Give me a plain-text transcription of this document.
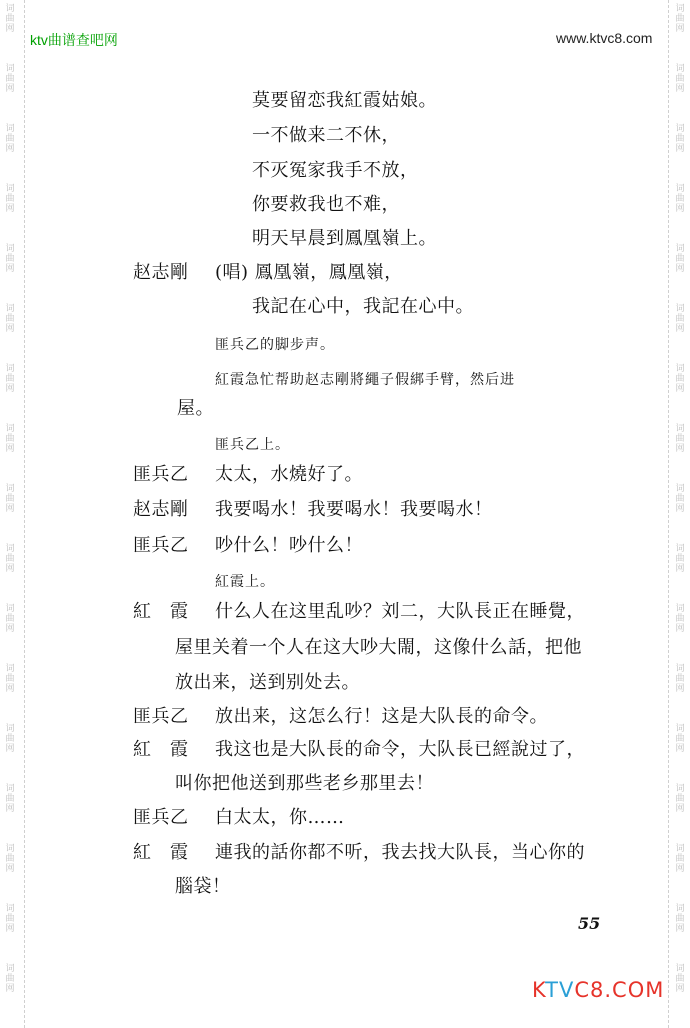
词
曲
网
词
曲
网
词
曲
网
词
曲
网
词
曲
网
词
曲
网
词
曲
网
词
曲
网
词
曲
网
词
曲
网
词
曲
网
词
曲
网
词
曲
网
词
曲
网
词
曲
网
词
曲
网
词
曲
网
词
曲
网
词
曲
网
词
曲
网
词
曲
网
词
曲
网
词
曲
网
词
曲
网
词
曲
网
词
曲
网
词
曲
网
词
曲
网
词
曲
网
词
曲
网
词
曲
网
词
曲
网
词
曲
网
词
曲
网
ktv曲谱查吧网	www.ktvc8.com
莫要留恋我紅霞姑娘。
一不做来二不休，
不灭冤家我手不放，
你要救我也不难，
明天早晨到鳳凰嶺上。
赵志剛 (唱) 鳳凰嶺，鳳凰嶺，
我記在心中，我記在心中。
匪兵乙的脚步声。
紅霞急忙帮助赵志剛將繩子假綁手臂，然后进
屋。
匪兵乙上。
匪兵乙 太太，水燒好了。
赵志剛 我要喝水！我要喝水！我要喝水！
匪兵乙 吵什么！吵什么！
紅霞上。
紅　霞 什么人在这里乱吵？刘二，大队長正在睡覺，
屋里关着一个人在这大吵大閙，这像什么話，把他
放出来，送到别处去。
匪兵乙 放出来，这怎么行！这是大队長的命令。
紅　霞 我这也是大队長的命令，大队長已經說过了，
叫你把他送到那些老乡那里去！
匪兵乙 白太太，你……
紅　霞 連我的話你都不听，我去找大队長，当心你的
腦袋！
55
KTVC8.COM
